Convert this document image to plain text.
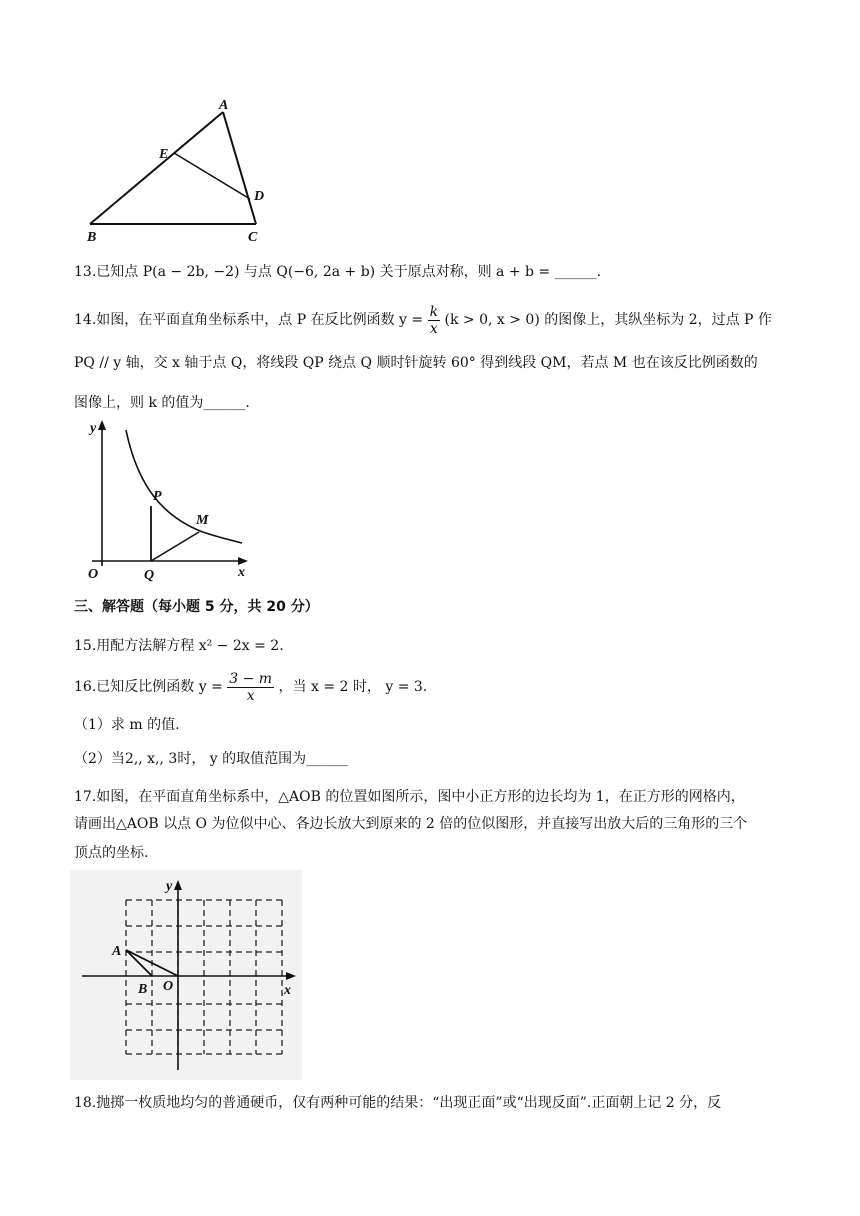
A
E
D
B	C
13.已知点 P(a − 2b, −2) 与点 Q(−6, 2a + b) 关于原点对称，则 a + b = ______.
14.如图，在平面直角坐标系中，点 P 在反比例函数 $y = \frac{k}{x} (k > 0$, x > 0) 的图像上，其纵坐标为 2，过点 P 作
PQ // y 轴，交 x 轴于点 Q，将线段 QP 绕点 Q 顺时针旋转 60° 得到线段 QM，若点 M 也在该反比例函数的
图像上，则 k 的值为______.
y
P
M
O	Q	x
三、解答题（每小题 5 分，共 20 分）
15.用配方法解方程 x² − 2x = 2.
16.已知反比例函数 $y = \frac{3 - m}{x}$ ，当 x = 2 时， y = 3.
（1）求 m 的值.
（2）当2,, x,, 3时， y 的取值范围为______
17.如图，在平面直角坐标系中，△AOB 的位置如图所示，图中小正方形的边长均为 1，在正方形的网格内，
请画出△AOB 以点 O 为位似中心、各边长放大到原来的 2 倍的位似图形，并直接写出放大后的三角形的三个
顶点的坐标.
y
A
B O	x
18.抛掷一枚质地均匀的普通硬币，仅有两种可能的结果：“出现正面”或“出现反面”.正面朝上记 2 分，反
